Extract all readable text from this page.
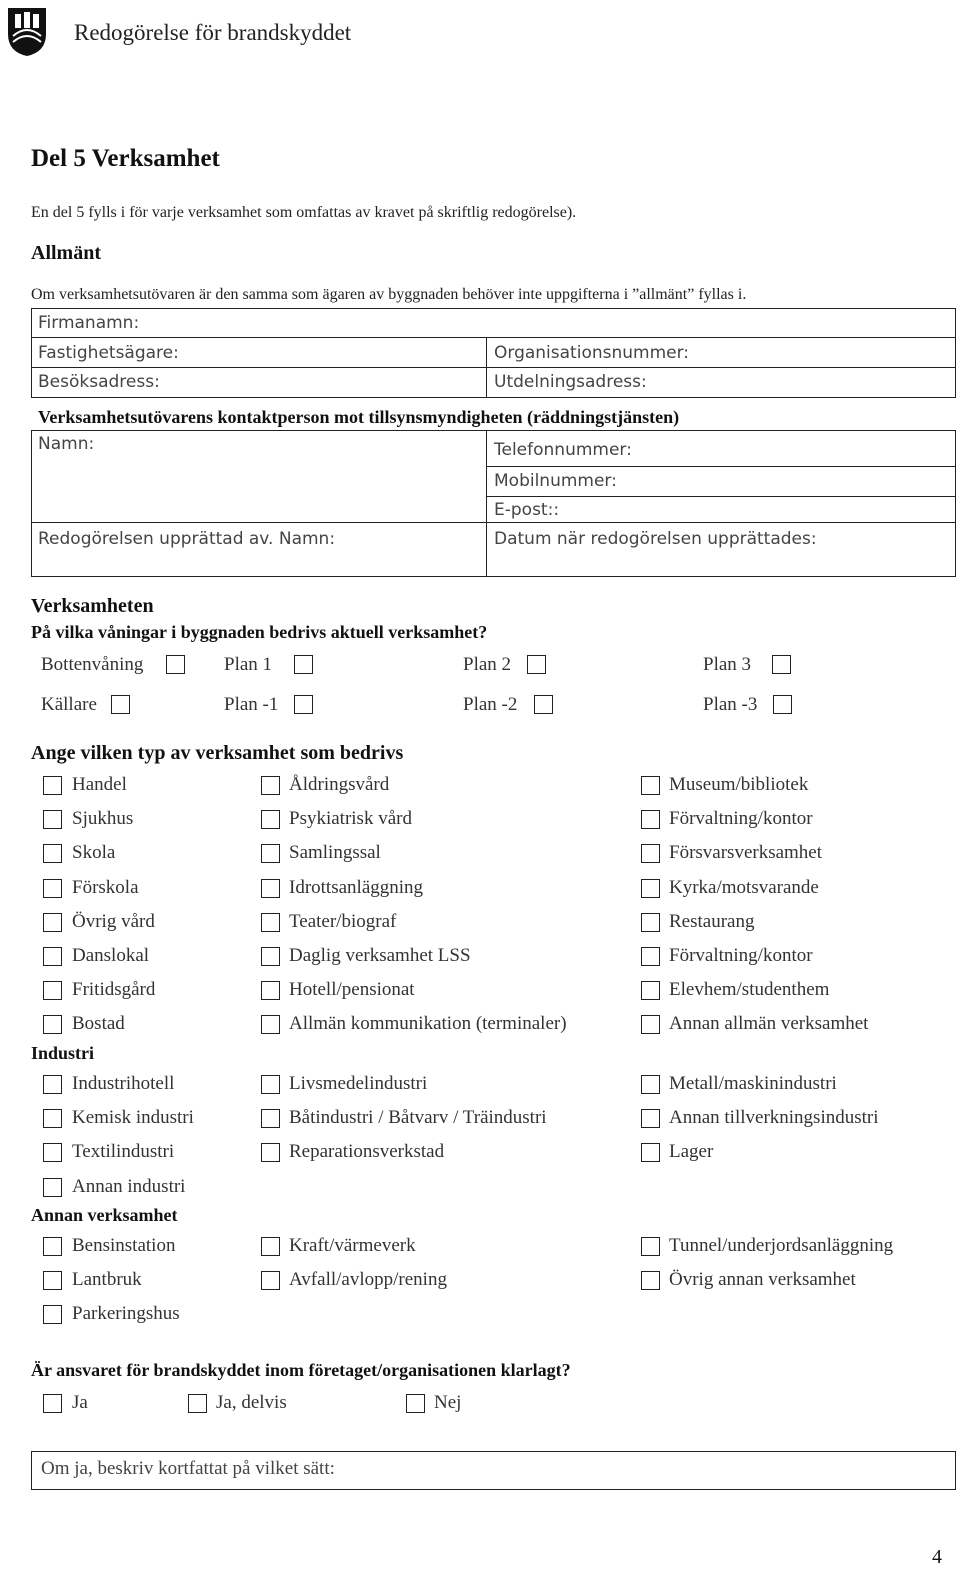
Redogörelse för brandskyddet
Del 5 Verksamhet
En del 5 fylls i för varje verksamhet som omfattas av kravet på skriftlig redogörelse).
Allmänt
Om verksamhetsutövaren är den samma som ägaren av byggnaden behöver inte uppgifterna i ”allmänt” fyllas i.
Firmanamn:
Fastighetsägare:	Organisationsnummer:
Besöksadress:	Utdelningsadress:
Verksamhetsutövarens kontaktperson mot tillsynsmyndigheten (räddningstjänsten)
Namn:	Telefonnummer:
Mobilnummer:
E-post::
Redogörelsen upprättad av. Namn:	Datum när redogörelsen upprättades:
Verksamheten
På vilka våningar i byggnaden bedrivs aktuell verksamhet?
Bottenvåning	Plan 1	Plan 2	Plan 3
Källare	Plan -1	Plan -2	Plan -3
Ange vilken typ av verksamhet som bedrivs
Handel
Sjukhus
Skola
Förskola
Övrig vård
Danslokal
Fritidsgård
Bostad
Åldringsvård
Psykiatrisk vård
Samlingssal
Idrottsanläggning
Teater/biograf
Daglig verksamhet LSS
Hotell/pensionat
Allmän kommunikation (terminaler)
Museum/bibliotek
Förvaltning/kontor
Försvarsverksamhet
Kyrka/motsvarande
Restaurang
Förvaltning/kontor
Elevhem/studenthem
Annan allmän verksamhet
Industri
Industrihotell
Kemisk industri
Textilindustri
Annan industri
Livsmedelindustri
Båtindustri / Båtvarv / Träindustri
Reparationsverkstad
Metall/maskinindustri
Annan tillverkningsindustri
Lager
Annan verksamhet
Bensinstation
Lantbruk
Parkeringshus
Kraft/värmeverk
Avfall/avlopp/rening
Tunnel/underjordsanläggning
Övrig annan verksamhet
Är ansvaret för brandskyddet inom företaget/organisationen klarlagt?
Ja	Ja, delvis	Nej
Om ja, beskriv kortfattat på vilket sätt:
4
